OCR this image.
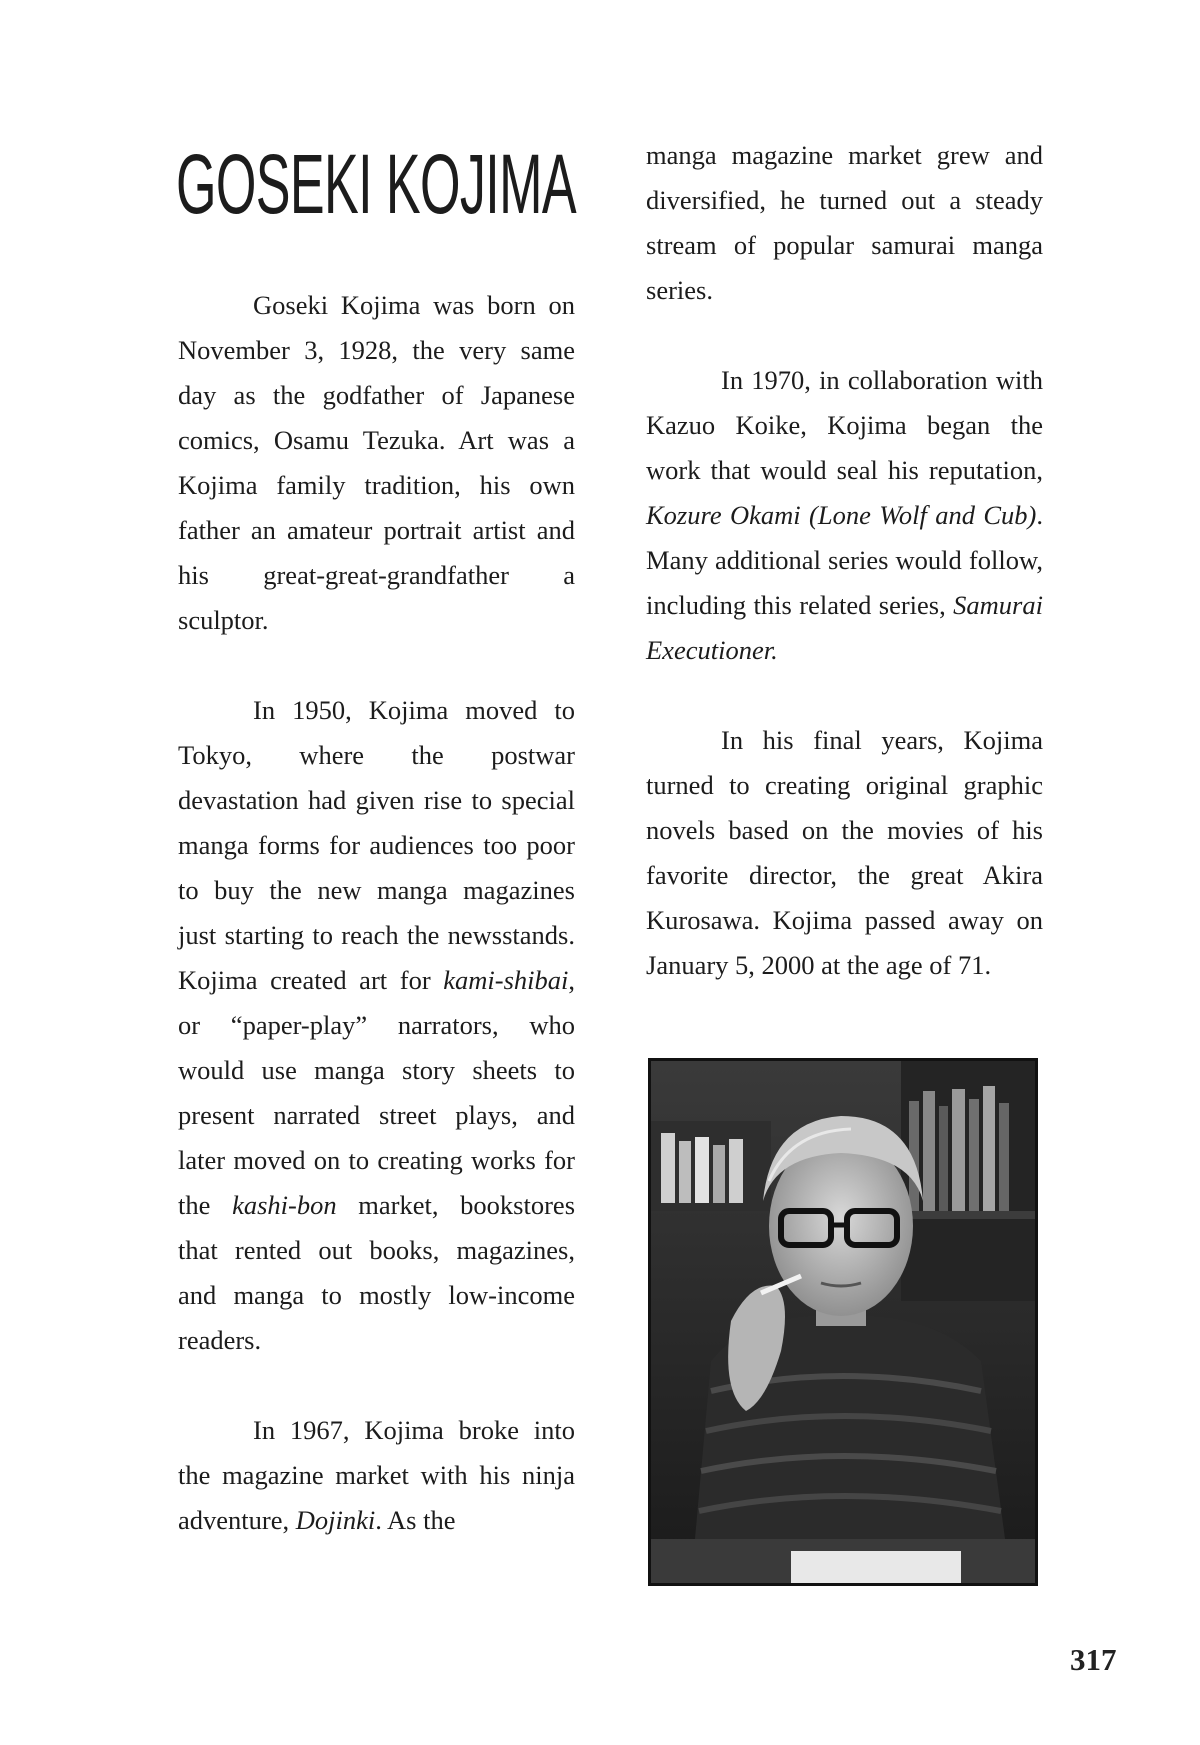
GOSEKI KOJIMA

Goseki Kojima was born on November 3, 1928, the very same day as the godfather of Japanese comics, Osamu Tezuka. Art was a Kojima family tradition, his own father an amateur portrait artist and his great-great-grandfather a sculptor.

In 1950, Kojima moved to Tokyo, where the postwar devastation had given rise to special manga forms for audiences too poor to buy the new manga magazines just starting to reach the newsstands. Kojima created art for kami-shibai, or “paper-play” narrators, who would use manga story sheets to present narrated street plays, and later moved on to creating works for the kashi-bon market, bookstores that rented out books, magazines, and manga to mostly low-income readers.

In 1967, Kojima broke into the magazine market with his ninja adventure, Dojinki. As the

manga magazine market grew and diversified, he turned out a steady stream of popular samurai manga series.

In 1970, in collaboration with Kazuo Koike, Kojima began the work that would seal his reputation, Kozure Okami (Lone Wolf and Cub). Many additional series would follow, including this related series, Samurai Executioner.

In his final years, Kojima turned to creating original graphic novels based on the movies of his favorite director, the great Akira Kurosawa. Kojima passed away on January 5, 2000 at the age of 71.

317
